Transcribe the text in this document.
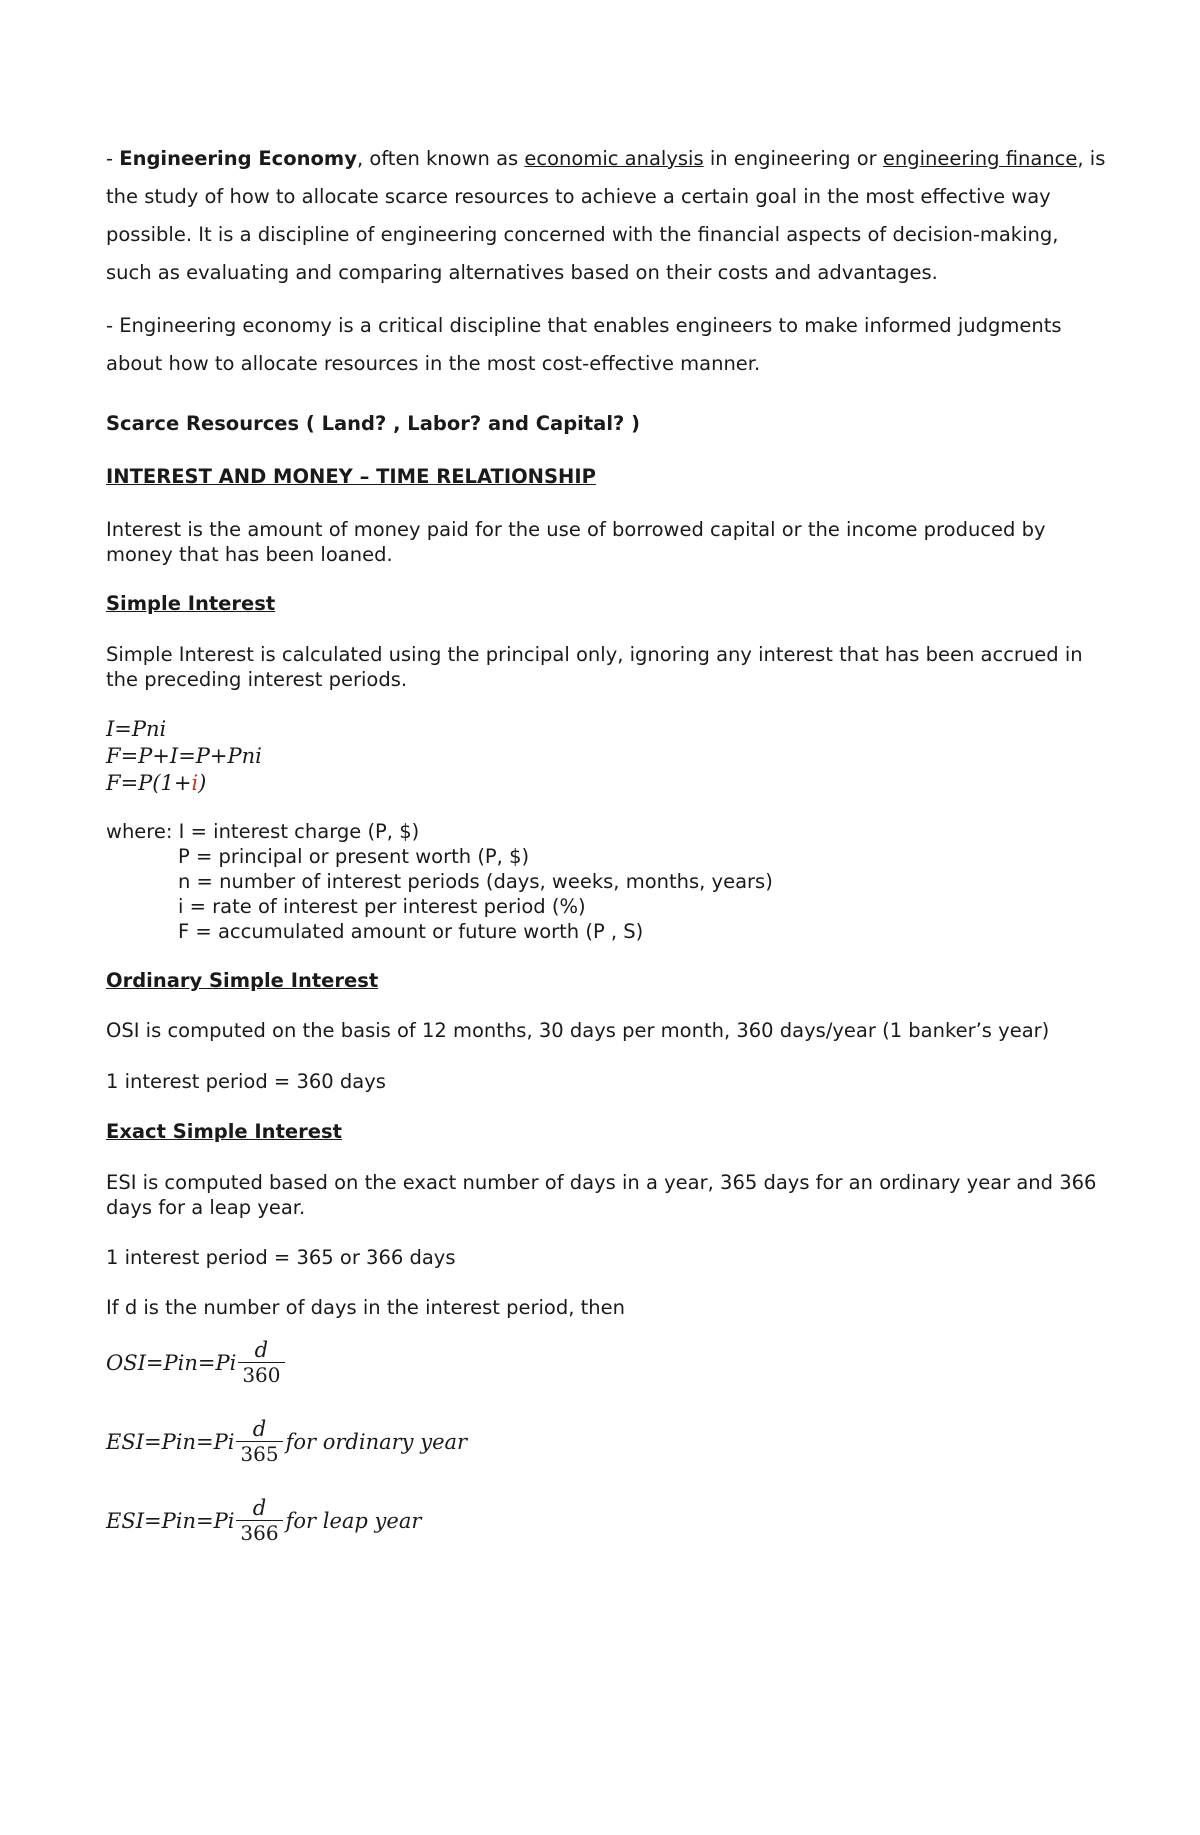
- Engineering Economy, often known as economic analysis in engineering or engineering finance, is
the study of how to allocate scarce resources to achieve a certain goal in the most effective way
possible. It is a discipline of engineering concerned with the financial aspects of decision-making,
such as evaluating and comparing alternatives based on their costs and advantages.

- Engineering economy is a critical discipline that enables engineers to make informed judgments
about how to allocate resources in the most cost-effective manner.

Scarce Resources ( Land? , Labor? and Capital? )

INTEREST AND MONEY – TIME RELATIONSHIP

Interest is the amount of money paid for the use of borrowed capital or the income produced by
money that has been loaned.

Simple Interest

Simple Interest is calculated using the principal only, ignoring any interest that has been accrued in
the preceding interest periods.

I=Pni

F=P+I=P+Pni

F=P(1+i)

where: I = interest charge (P, $)

P = principal or present worth (P, $)

n = number of interest periods (days, weeks, months, years)

i = rate of interest per interest period (%)

F = accumulated amount or future worth (P , S)

Ordinary Simple Interest

OSI is computed on the basis of 12 months, 30 days per month, 360 days/year (1 banker’s year)

1 interest period = 360 days

Exact Simple Interest

ESI is computed based on the exact number of days in a year, 365 days for an ordinary year and 366
days for a leap year.

1 interest period = 365 or 366 days

If d is the number of days in the interest period, then

$OSI=Pin=Pi \frac{d}{360}$
$ESI=Pin=Pi \frac{d}{365}$ for ordinary year
$ESI=Pin=Pi \frac{d}{366}$ for leap year
